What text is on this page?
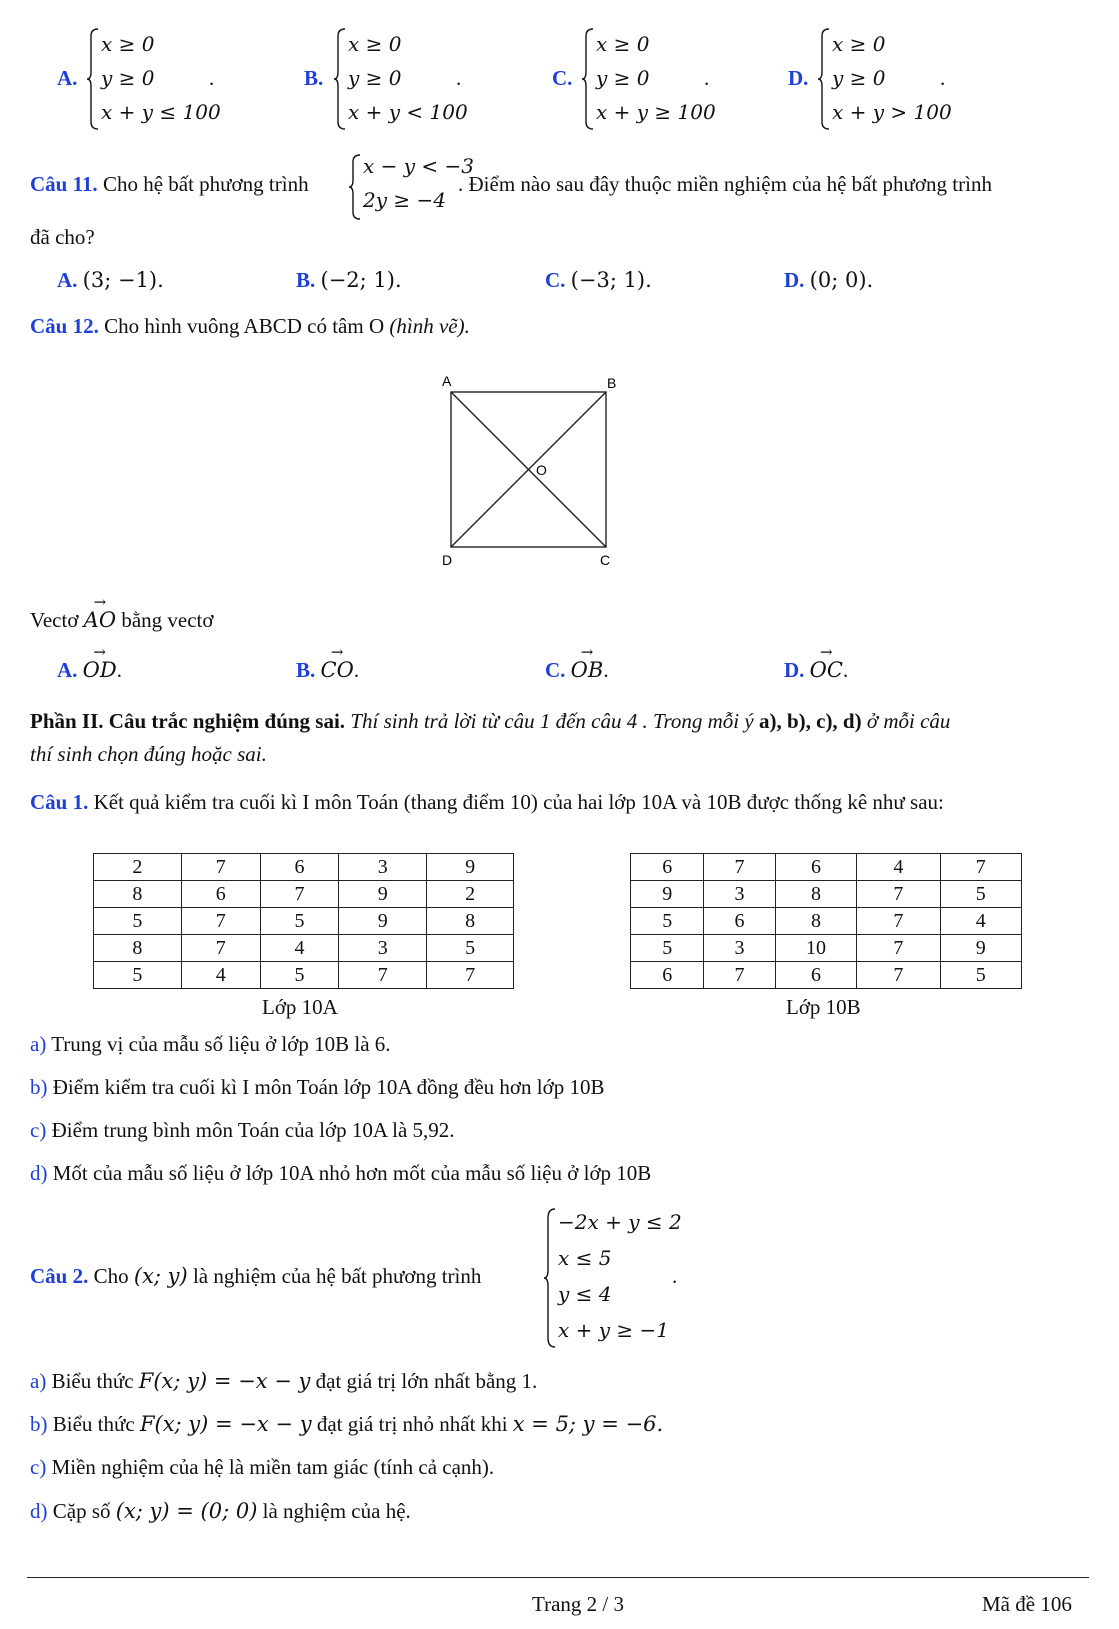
A.
x ≥ 0
y ≥ 0
x + y ≤ 100
.	B.
x ≥ 0
y ≥ 0
x + y < 100
.	C.
x ≥ 0
y ≥ 0
x + y ≥ 100
.	D.
x ≥ 0
y ≥ 0
x + y > 100
.
Câu 11. Cho hệ bất phương trình
x − y < −3
2y ≥ −4
. Điểm nào sau đây thuộc miền nghiệm của hệ bất phương trình
đã cho?
A. (3; −1).	B. (−2; 1).	C. (−3; 1).	D. (0; 0).
Câu 12. Cho hình vuông ABCD có tâm O (hình vẽ).
A	B
C
D
O
Vectơ → AO bằng vectơ
A. → OD.	B. → CO.	C. → OB.	D. → OC.
Phần II. Câu trắc nghiệm đúng sai. Thí sinh trả lời từ câu 1 đến câu 4 . Trong mỗi ý a), b), c), d) ở mỗi câu
thí sinh chọn đúng hoặc sai.
Câu 1. Kết quả kiểm tra cuối kì I môn Toán (thang điểm 10) của hai lớp 10A và 10B được thống kê như sau:
2	7	6	3	9
8	6	7	9	2
5	7	5	9	8
8	7	4	3	5
5	4	5	7	7
Lớp 10A
6	7	6	4	7
9	3	8	7	5
5	6	8	7	4
5	3	10	7	9
6	7	6	7	5
Lớp 10B
a) Trung vị của mẫu số liệu ở lớp 10B là 6.
b) Điểm kiểm tra cuối kì I môn Toán lớp 10A đồng đều hơn lớp 10B
c) Điểm trung bình môn Toán của lớp 10A là 5,92.
d) Mốt của mẫu số liệu ở lớp 10A nhỏ hơn mốt của mẫu số liệu ở lớp 10B
Câu 2. Cho (x; y) là nghiệm của hệ bất phương trình
−2x + y ≤ 2
x ≤ 5
y ≤ 4
x + y ≥ −1
.
a) Biểu thức F(x; y) = −x − y đạt giá trị lớn nhất bằng 1.
b) Biểu thức F(x; y) = −x − y đạt giá trị nhỏ nhất khi x = 5; y = −6.
c) Miền nghiệm của hệ là miền tam giác (tính cả cạnh).
d) Cặp số (x; y) = (0; 0) là nghiệm của hệ.
Trang 2 / 3	Mã đề 106
